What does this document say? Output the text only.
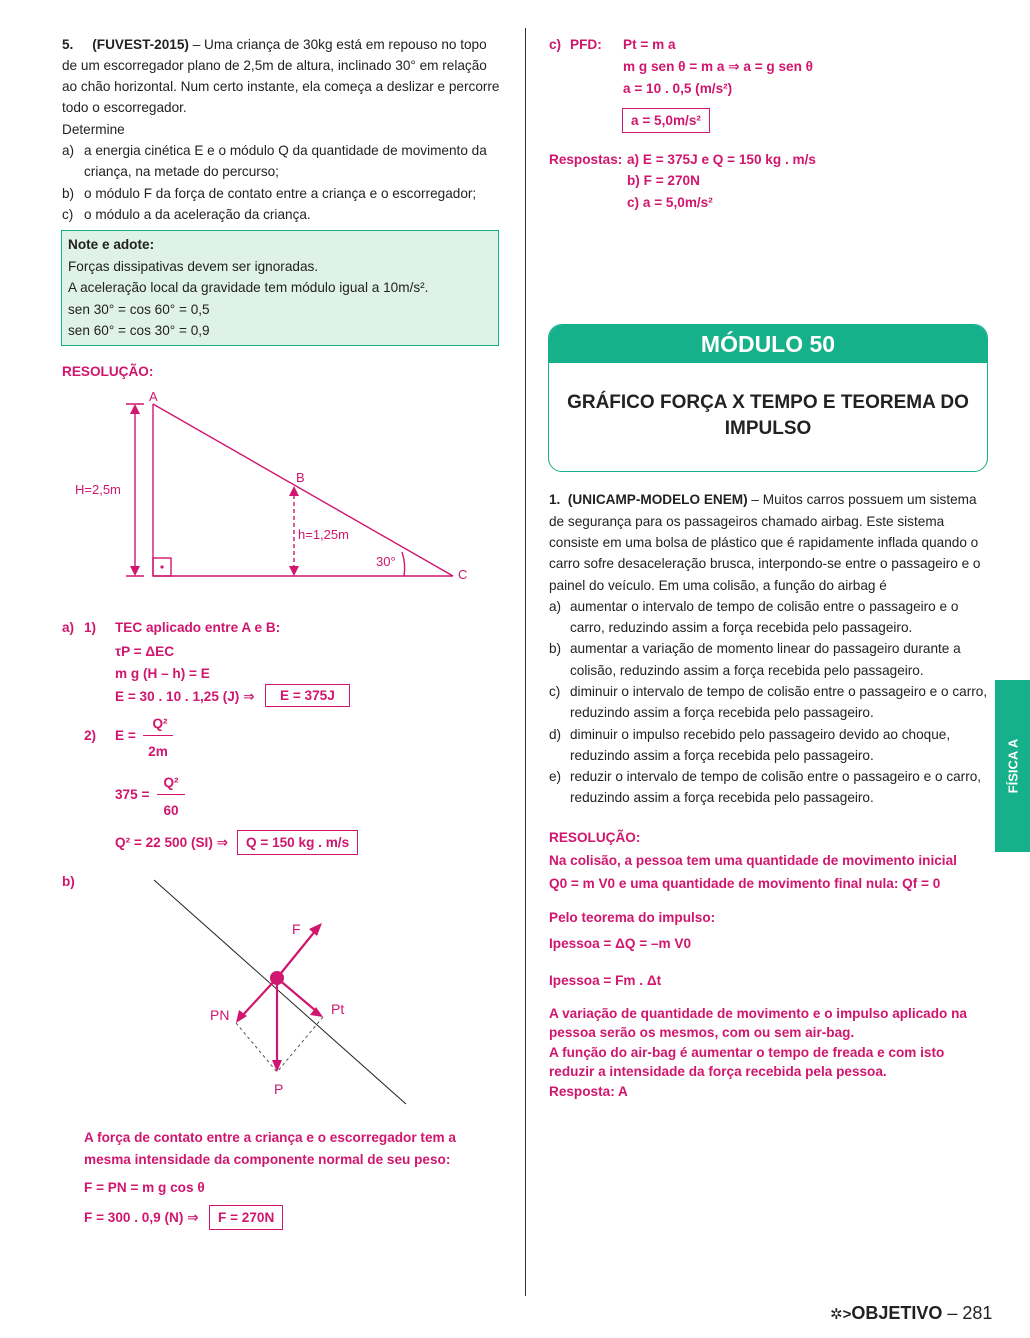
5. (FUVEST-2015) – Uma criança de 30kg está em repouso no topo
de um escorregador plano de 2,5m de altura, inclinado 30° em relação
ao chão horizontal. Num certo instante, ela começa a deslizar e percorre
todo o escorregador.
Determine
a) a energia cinética E e o módulo Q da quantidade de movimento da
criança, na metade do percurso;
b) o módulo F da força de contato entre a criança e o escorregador;
c) o módulo a da aceleração da criança.
Note e adote:
Forças dissipativas devem ser ignoradas.
A aceleração local da gravidade tem módulo igual a 10m/s².
sen 30° = cos 60° = 0,5
sen 60° = cos 30° = 0,9
RESOLUÇÃO:
A
B
C
H=2,5m
h=1,25m
30°
a) 1) TEC aplicado entre A e B:
τP = ΔEC
m g (H – h) = E
E = 30 . 10 . 1,25 (J) ⇒	E = 375J
2) E =
Q²
2m
375 =
Q²
60
Q² = 22 500 (SI) ⇒	Q = 150 kg . m/s
b)
F
Pt
PN
P
A força de contato entre a criança e o escorregador tem a
mesma intensidade da componente normal de seu peso:
F = PN = m g cos θ
F = 300 . 0,9 (N) ⇒	F = 270N
c) PFD: Pt = m a
m g sen θ = m a ⇒ a = g sen θ
a = 10 . 0,5 (m/s²)
a = 5,0m/s²
Respostas: a) E = 375J e Q = 150 kg . m/s
b) F = 270N
c) a = 5,0m/s²
MÓDULO 50
GRÁFICO FORÇA X TEMPO E TEOREMA DO
IMPULSO
1. (UNICAMP-MODELO ENEM) – Muitos carros possuem um sistema
de segurança para os passageiros chamado airbag. Este sistema
consiste em uma bolsa de plástico que é rapidamente inflada quando o
carro sofre desaceleração brusca, interpondo-se entre o passageiro e o
painel do veículo. Em uma colisão, a função do airbag é
a) aumentar o intervalo de tempo de colisão entre o passageiro e o
carro, reduzindo assim a força recebida pelo passageiro.
b) aumentar a variação de momento linear do passageiro durante a
colisão, reduzindo assim a força recebida pelo passageiro.
c) diminuir o intervalo de tempo de colisão entre o passageiro e o carro,
reduzindo assim a força recebida pelo passageiro.
d) diminuir o impulso recebido pelo passageiro devido ao choque,
reduzindo assim a força recebida pelo passageiro.
e) reduzir o intervalo de tempo de colisão entre o passageiro e o carro,
reduzindo assim a força recebida pelo passageiro.
RESOLUÇÃO:
Na colisão, a pessoa tem uma quantidade de movimento inicial
Q0 = m V0 e uma quantidade de movimento final nula: Qf = 0
Pelo teorema do impulso:
Ipessoa = ΔQ = –m V0
Ipessoa = Fm . Δt
A variação de quantidade de movimento e o impulso aplicado na
pessoa serão os mesmos, com ou sem air-bag.
A função do air-bag é aumentar o tempo de freada e com isto
reduzir a intensidade da força recebida pela pessoa.
Resposta: A
FÍSICA A
✲>OBJETIVO – 281
